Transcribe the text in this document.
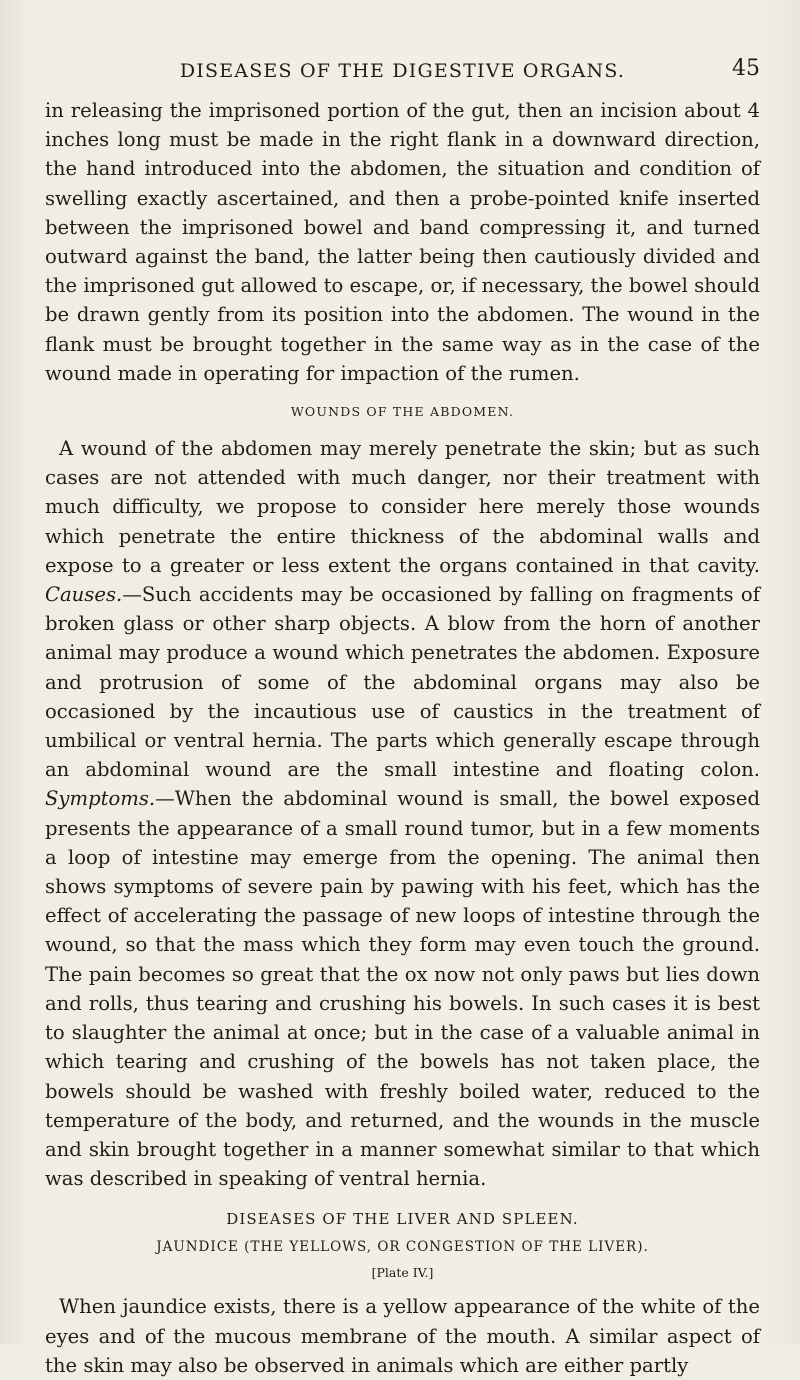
DISEASES OF THE DIGESTIVE ORGANS.	45

in releasing the imprisoned portion of the gut, then an incision about 4 inches long must be made in the right flank in a downward direction, the hand introduced into the abdomen, the situation and condition of swelling exactly ascertained, and then a probe-pointed knife inserted between the imprisoned bowel and band compressing it, and turned outward against the band, the latter being then cautiously divided and the imprisoned gut allowed to escape, or, if necessary, the bowel should be drawn gently from its position into the abdomen. The wound in the flank must be brought together in the same way as in the case of the wound made in operating for impaction of the rumen.

WOUNDS OF THE ABDOMEN.

A wound of the abdomen may merely penetrate the skin; but as such cases are not attended with much danger, nor their treatment with much difficulty, we propose to consider here merely those wounds which penetrate the entire thickness of the abdominal walls and expose to a greater or less extent the organs contained in that cavity. Causes.—Such accidents may be occasioned by falling on fragments of broken glass or other sharp objects. A blow from the horn of another animal may produce a wound which penetrates the abdomen. Exposure and protrusion of some of the abdominal organs may also be occasioned by the incautious use of caustics in the treatment of umbilical or ventral hernia. The parts which generally escape through an abdominal wound are the small intestine and floating colon. Symptoms.—When the abdominal wound is small, the bowel exposed presents the appearance of a small round tumor, but in a few moments a loop of intestine may emerge from the opening. The animal then shows symptoms of severe pain by pawing with his feet, which has the effect of accelerating the passage of new loops of intestine through the wound, so that the mass which they form may even touch the ground. The pain becomes so great that the ox now not only paws but lies down and rolls, thus tearing and crushing his bowels. In such cases it is best to slaughter the animal at once; but in the case of a valuable animal in which tearing and crushing of the bowels has not taken place, the bowels should be washed with freshly boiled water, reduced to the temperature of the body, and returned, and the wounds in the muscle and skin brought together in a manner somewhat similar to that which was described in speaking of ventral hernia.

DISEASES OF THE LIVER AND SPLEEN.
JAUNDICE (THE YELLOWS, OR CONGESTION OF THE LIVER).
[Plate IV.]

When jaundice exists, there is a yellow appearance of the white of the eyes and of the mucous membrane of the mouth. A similar aspect of the skin may also be observed in animals which are either partly
